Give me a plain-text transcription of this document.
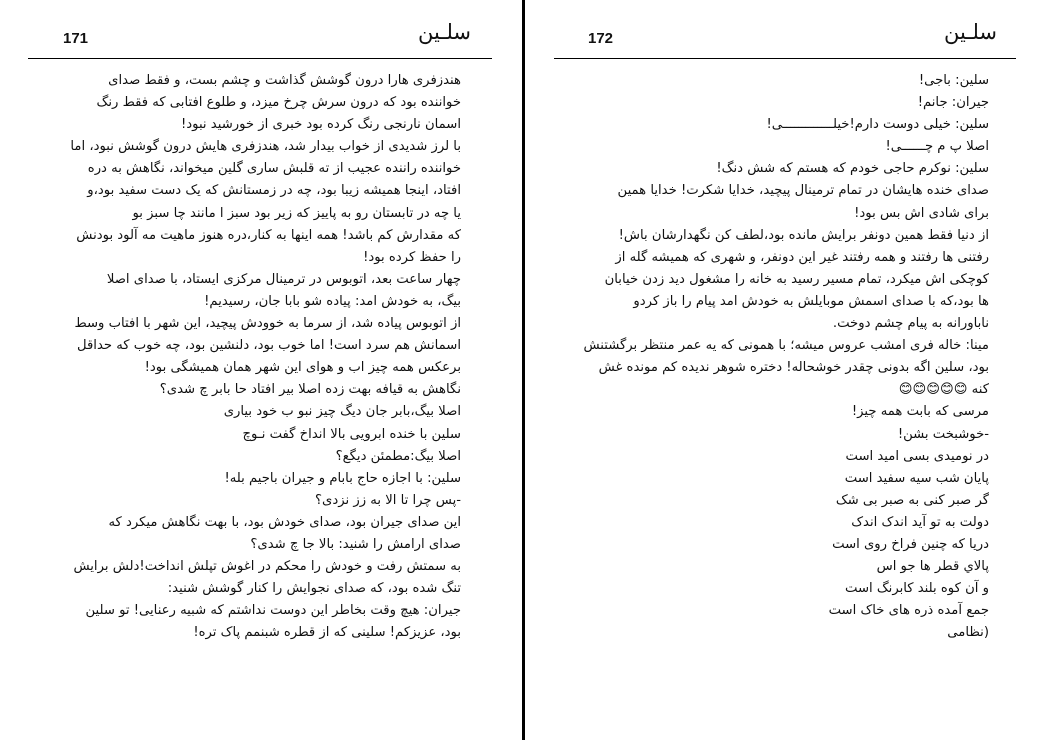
171	سلـین
هندزفری هارا درون گوشش گذاشت و چشم بست، و فقط صدای
خواننده بود که درون سرش چرخ میزد، و طلوع افتابی که فقط رنگ
اسمان نارنجی رنگ کرده بود خبری از خورشید نبود!
با لرز شدیدی از خواب بیدار شد، هندزفری هایش درون گوشش نبود، اما
خواننده راننده عجیب از ته قلبش ساری گلین میخواند، نگاهش به دره
افتاد، اینجا همیشه زیبا بود، چه در زمستانش که یک دست سفید بود،و
یا چه در تابستان رو به پاییز که زیر بود سبز ا مانند چا سبز بو
که مقدارش کم باشد! همه اینها به کنار،دره هنوز ماهیت مه آلود بودنش
را حفظ کرده بود!
چهار ساعت بعد، اتوبوس در ترمینال مرکزی ایستاد، با صدای اصلا
بیگ، به خودش امد: پیاده شو بابا جان، رسیدیم!
از اتوبوس پیاده شد، از سرما به خوودش پیچید، این شهر با افتاب وسط
اسمانش هم سرد است! اما خوب بود، دلنشین بود، چه خوب که حداقل
برعکس همه چیز اب و هوای این شهر همان همیشگی بود!
نگاهش به قیافه بهت زده اصلا بیر افتاد حا بابر چ شدی؟
اصلا بیگ،بابر جان دیگ چیز نبو ب خود بیاری
سلین با خنده ابرویی بالا انداخ گفت نـوچ
اصلا بیگ:مطمئن دیگع؟
سلین: با اجازه حاج بابام و جیران باجیم بله!
-پس چرا تا الا به زز نزدی؟
این صدای جیران بود، صدای خودش بود، با بهت نگاهش میکرد که
صدای ارامش را شنید: بالا جا چ شدی؟
به سمتش رفت و خودش را محکم در اغوش تپلش انداخت!دلش برایش
تنگ شده بود، که صدای نجوایش را کنار گوشش شنید:
جیران: هیچ وقت بخاطر این دوست نداشتم که شبیه رعنایی! تو سلین
بود، عزیزکم! سلینی که از قطره شبنمم پاک تره!
172	سلـین
سلین: باجی!
جیران: جانم!
سلین: خیلی دوست دارم!خیلـــــــــــــی!
اصلا پ م چــــــی!
سلین: نوکرم حاجی خودم که هستم که شش دنگ!
صدای خنده هایشان در تمام ترمینال پیچید، خدایا شکرت! خدایا همین
برای شادی اش بس بود!
از دنیا فقط همین دونفر برایش مانده بود،لطف کن نگهدارشان باش!
رفتنی ها رفتند و همه رفتند غیر این دونفر، و شهری که همیشه گله از
کوچکی اش میکرد، تمام مسیر رسید به خانه را مشغول دید زدن خیابان
ها بود،که با صدای اسمش موبایلش به خودش امد پیام را باز کردو
ناباورانه به پیام چشم دوخت.
مینا: خاله فری امشب عروس میشه؛ با همونی که یه عمر منتظر برگشتنش
بود، سلین اگه بدونی چقدر خوشحاله! دختره شوهر ندیده کم مونده غش
کنه 😊😊😊😊😊
مرسی که بابت همه چیز!
-خوشبخت بشن!
در نومیدی بسی امید است
پایان شب سیه سفید است
گر صبر کنی به صبر بی شک
دولت به تو آید اندک اندک
دریا که چنین فراخ روی است
پالاي قطر ها جو اس
و آن کوه بلند کابرنگ است
جمع آمده ذره های خاک است
(نظامی
